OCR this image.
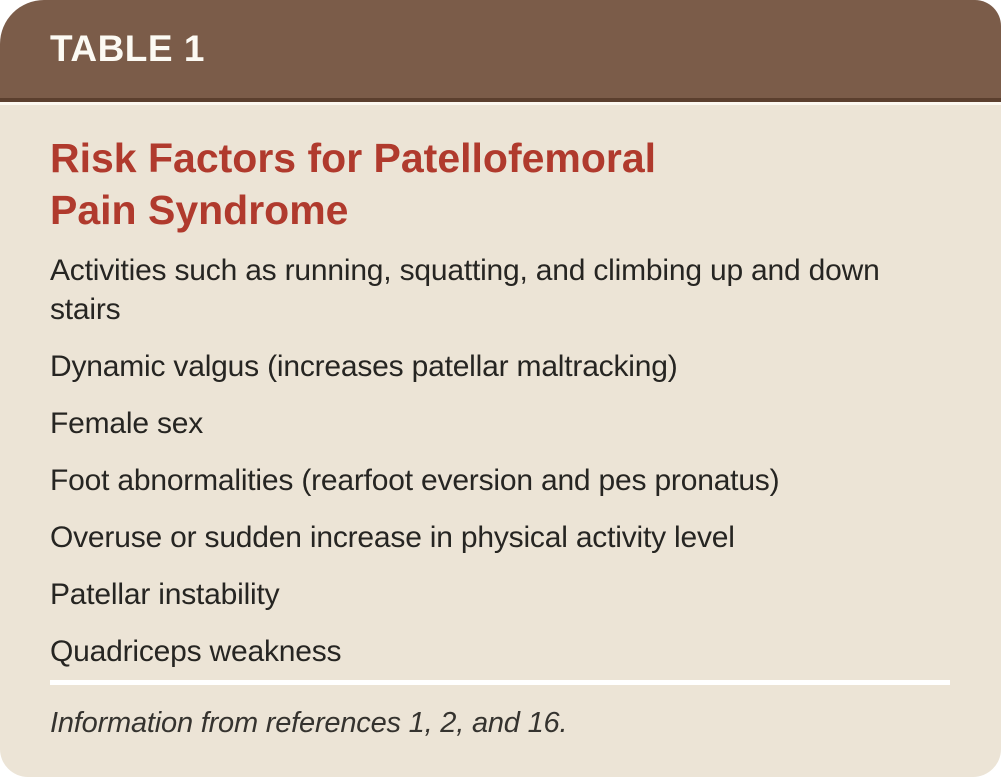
TABLE 1
Risk Factors for Patellofemoral
Pain Syndrome
Activities such as running, squatting, and climbing up and down stairs
Dynamic valgus (increases patellar maltracking)
Female sex
Foot abnormalities (rearfoot eversion and pes pronatus)
Overuse or sudden increase in physical activity level
Patellar instability
Quadriceps weakness
Information from references 1, 2, and 16.
